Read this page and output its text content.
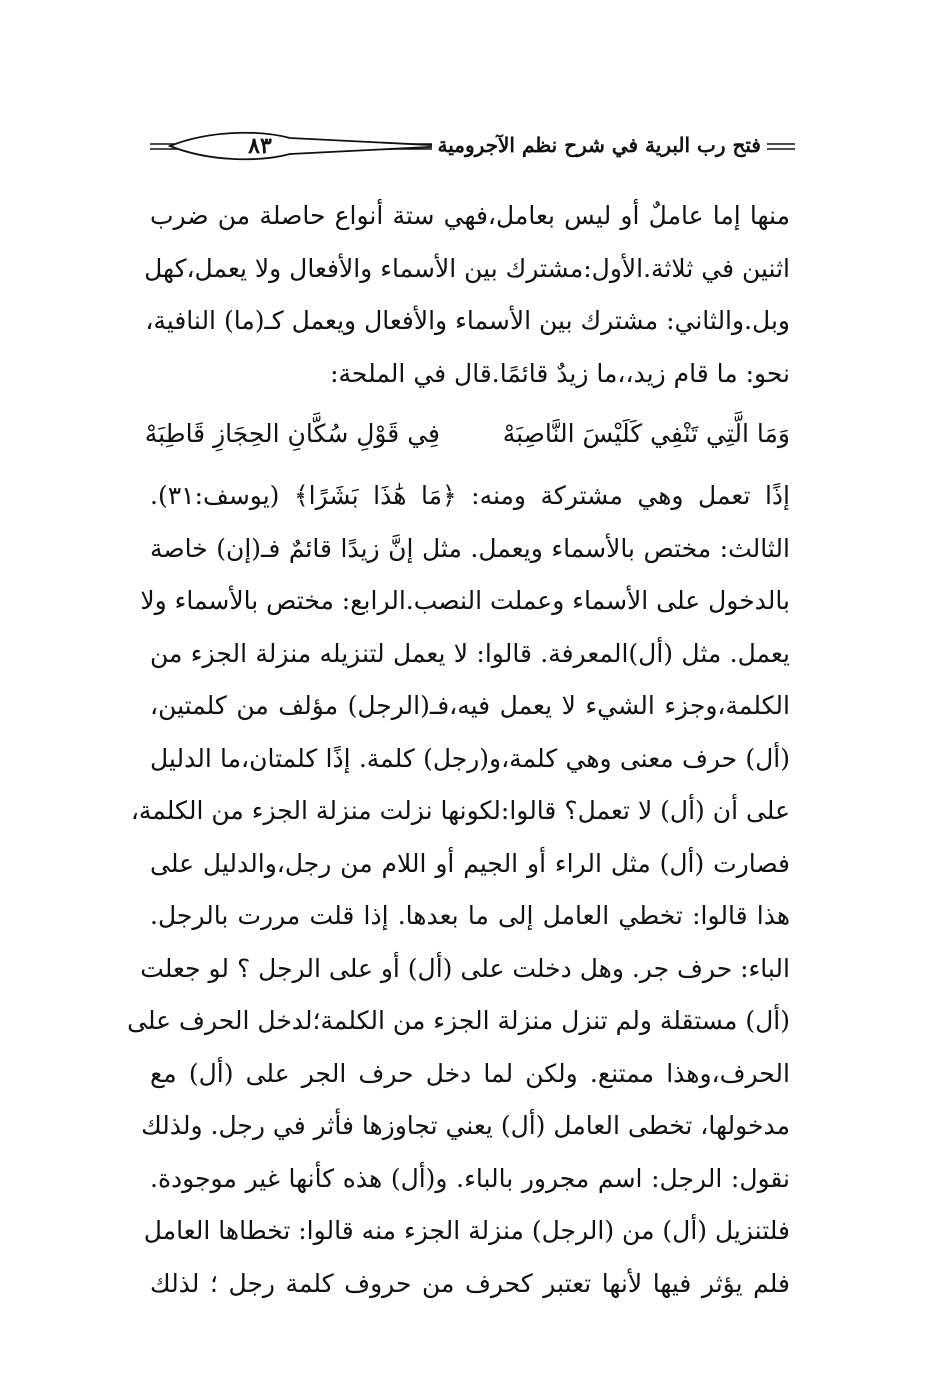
فتح رب البرية في شرح نظم الآجرومية
٨٣
منها إما عاملٌ أو ليس بعامل،فهي ستة أنواع حاصلة من ضرب
اثنين في ثلاثة.الأول:مشترك بين الأسماء والأفعال ولا يعمل،كهل
وبل.والثاني: مشترك بين الأسماء والأفعال ويعمل كـ(ما) النافية،
نحو: ما قام زيد،،ما زيدٌ قائمًا.قال في الملحة:
وَمَا الَّتِي تَنْفِي كَلَيْسَ النَّاصِبَهْ
فِي قَوْلِ سُكَّانِ الحِجَازِ قَاطِبَهْ
إذًا تعمل وهي مشتركة ومنه: ﴿مَا هَٰذَا بَشَرًا﴾ (يوسف:٣١).
الثالث: مختص بالأسماء ويعمل. مثل إنَّ زيدًا قائمٌ فـ(إن) خاصة
بالدخول على الأسماء وعملت النصب.الرابع: مختص بالأسماء ولا
يعمل. مثل (أل)المعرفة. قالوا: لا يعمل لتنزيله منزلة الجزء من
الكلمة،وجزء الشيء لا يعمل فيه،فـ(الرجل) مؤلف من كلمتين،
(أل) حرف معنى وهي كلمة،و(رجل) كلمة. إذًا كلمتان،ما الدليل
على أن (أل) لا تعمل؟ قالوا:لكونها نزلت منزلة الجزء من الكلمة،
فصارت (أل) مثل الراء أو الجيم أو اللام من رجل،والدليل على
هذا قالوا: تخطي العامل إلى ما بعدها. إذا قلت مررت بالرجل.
الباء: حرف جر. وهل دخلت على (أل) أو على الرجل ؟ لو جعلت
(أل) مستقلة ولم تنزل منزلة الجزء من الكلمة؛لدخل الحرف على
الحرف،وهذا ممتنع. ولكن لما دخل حرف الجر على (أل) مع
مدخولها، تخطى العامل (أل) يعني تجاوزها فأثر في رجل. ولذلك
نقول: الرجل: اسم مجرور بالباء. و(أل) هذه كأنها غير موجودة.
فلتنزيل (أل) من (الرجل) منزلة الجزء منه قالوا: تخطاها العامل
فلم يؤثر فيها لأنها تعتبر كحرف من حروف كلمة رجل ؛ لذلك
